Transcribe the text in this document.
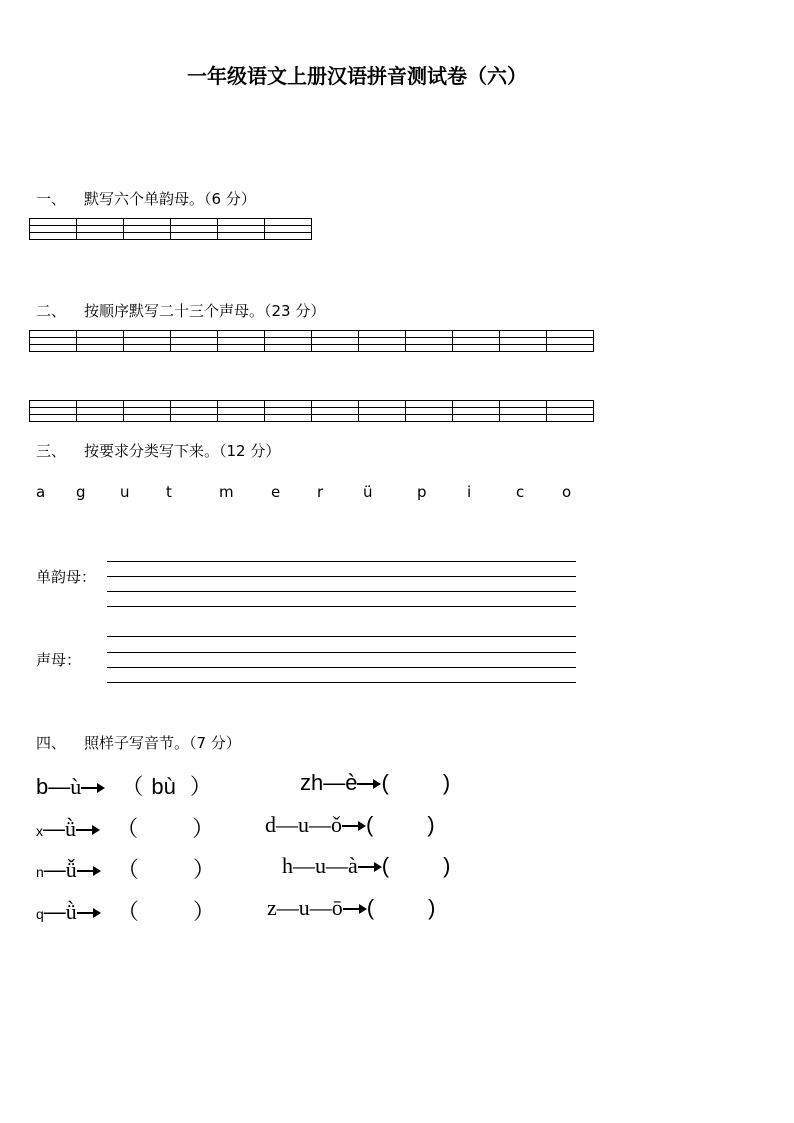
一年级语文上册汉语拼音测试卷（六）
一、 默写六个单韵母。（6 分）

二、 按顺序默写二十三个声母。（23 分）

三、 按要求分类写下来。（12 分）
a g u t	m e r	ü	p	i	c	o
单韵母：
声母：
四、 照样子写音节。（7 分）
b—ù （ bù ）
x—ǜ （ ）
n—ǚ （ ）
q—ǜ （ ）
zh—è ( )
d—u—ǒ ( )
h—u—à ( )
z—u—ō ( )
